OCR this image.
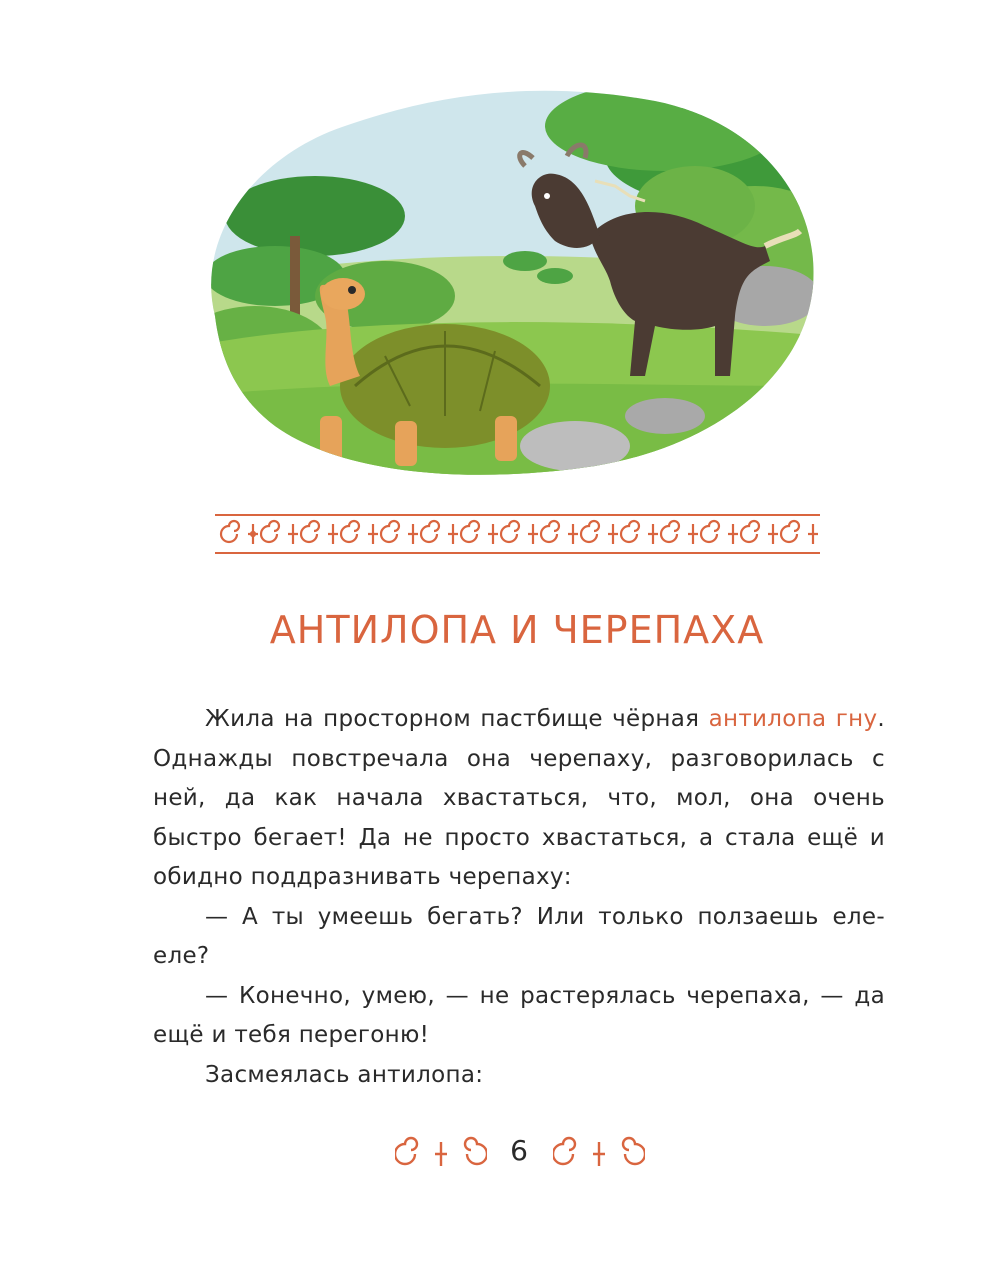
АНТИЛОПА И ЧЕРЕПАХА

Жила на просторном пастбище чёрная антилопа гну. Однажды повстречала она черепаху, разговорилась с ней, да как начала хвастаться, что, мол, она очень быстро бегает! Да не просто хвастаться, а стала ещё и обидно поддразнивать черепаху:

— А ты умеешь бегать? Или только ползаешь еле-еле?

— Конечно, умею, — не растерялась черепаха, — да ещё и тебя перегоню!

Засмеялась антилопа:

6
